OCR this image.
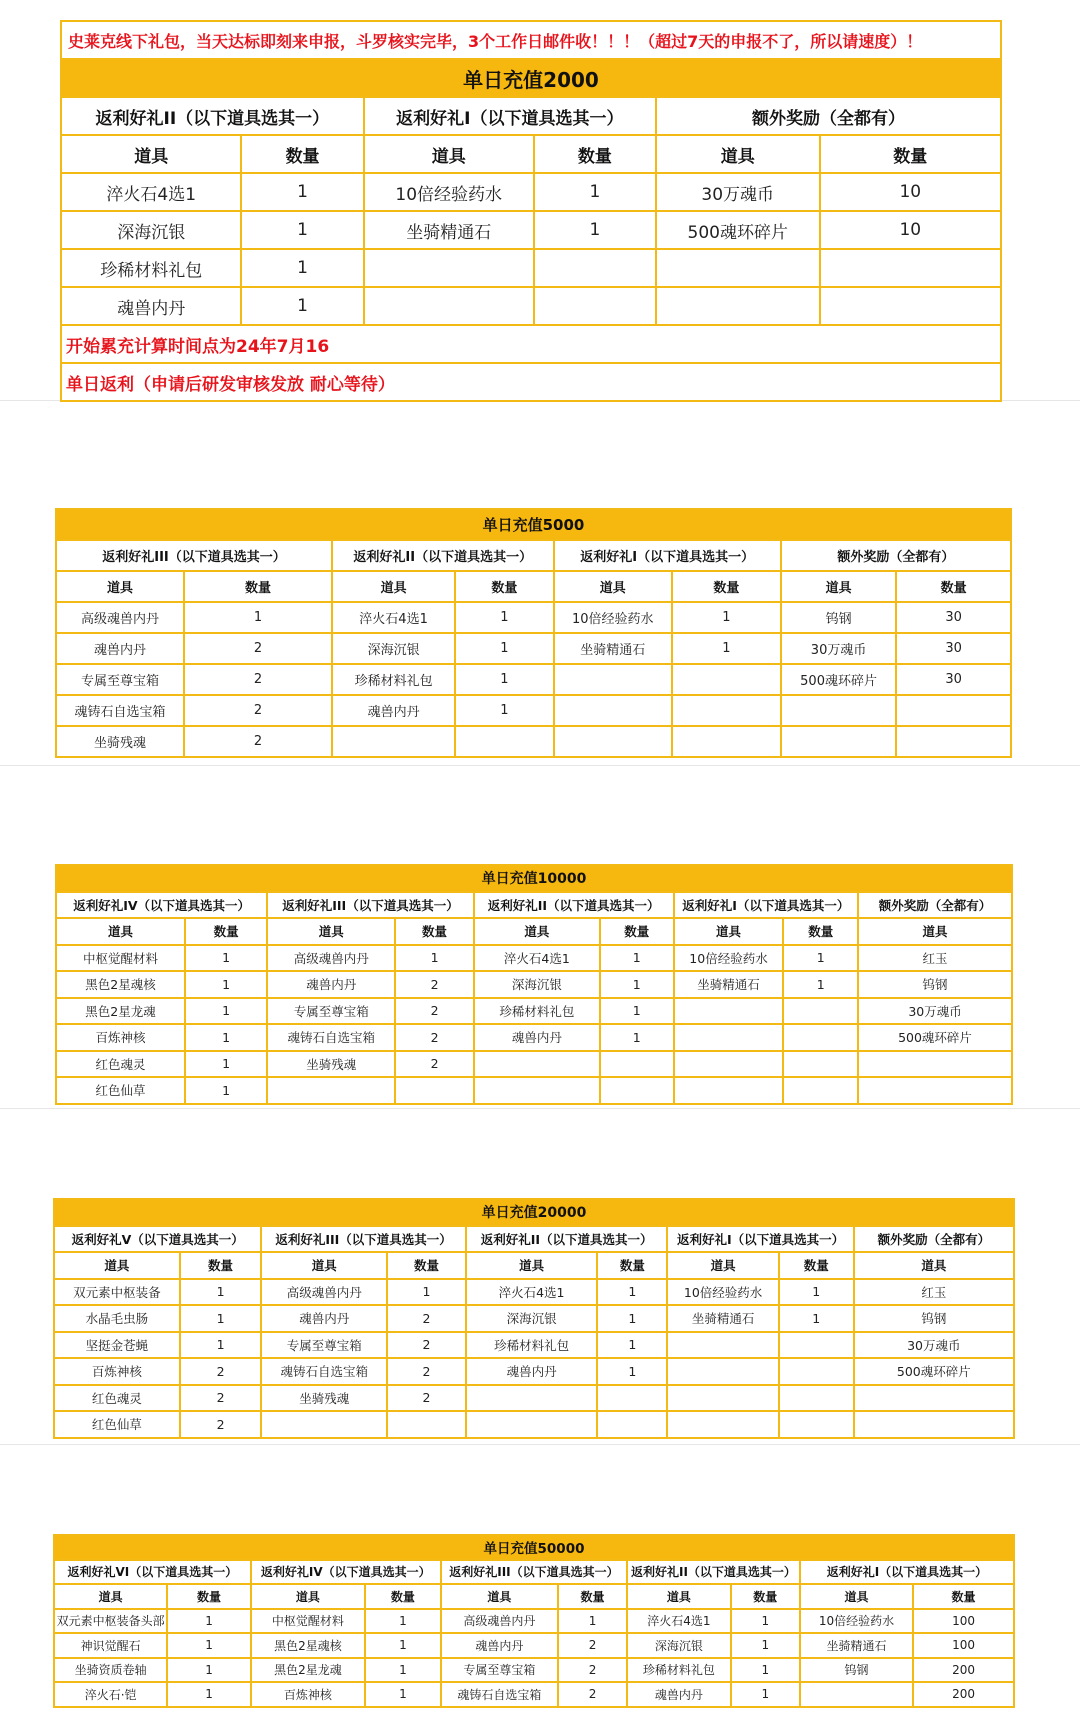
史莱克线下礼包，当天达标即刻来申报，斗罗核实完毕，3个工作日邮件收！！！（超过7天的申报不了，所以请速度）！					
单日充值2000					
返利好礼II（以下道具选其一）		返利好礼I（以下道具选其一）		额外奖励（全都有）	
道具	数量	道具	数量	道具	数量
淬火石4选1	1	10倍经验药水	1	30万魂币	10
深海沉银	1	坐骑精通石	1	500魂环碎片	10
珍稀材料礼包	1				
魂兽内丹	1				
开始累充计算时间点为24年7月16					
单日返利（申请后研发审核发放 耐心等待）					
单日充值5000							
返利好礼III（以下道具选其一）		返利好礼II（以下道具选其一）		返利好礼I（以下道具选其一）		额外奖励（全都有）	
道具	数量	道具	数量	道具	数量	道具	数量
高级魂兽内丹	1	淬火石4选1	1	10倍经验药水	1	钨钢	30
魂兽内丹	2	深海沉银	1	坐骑精通石	1	30万魂币	30
专属至尊宝箱	2	珍稀材料礼包	1			500魂环碎片	30
魂铸石自选宝箱	2	魂兽内丹	1				
坐骑残魂	2						
单日充值10000								
返利好礼IV（以下道具选其一）		返利好礼III（以下道具选其一）		返利好礼II（以下道具选其一）		返利好礼I（以下道具选其一）		额外奖励（全都有）
道具	数量	道具	数量	道具	数量	道具	数量	道具
中枢觉醒材料	1	高级魂兽内丹	1	淬火石4选1	1	10倍经验药水	1	红玉
黑色2星魂核	1	魂兽内丹	2	深海沉银	1	坐骑精通石	1	钨钢
黑色2星龙魂	1	专属至尊宝箱	2	珍稀材料礼包	1			30万魂币
百炼神核	1	魂铸石自选宝箱	2	魂兽内丹	1			500魂环碎片
红色魂灵	1	坐骑残魂	2					
红色仙草	1							
单日充值20000								
返利好礼V（以下道具选其一）		返利好礼III（以下道具选其一）		返利好礼II（以下道具选其一）		返利好礼I（以下道具选其一）		额外奖励（全都有）
道具	数量	道具	数量	道具	数量	道具	数量	道具
双元素中枢装备	1	高级魂兽内丹	1	淬火石4选1	1	10倍经验药水	1	红玉
水晶毛虫肠	1	魂兽内丹	2	深海沉银	1	坐骑精通石	1	钨钢
坚挺金苍蝇	1	专属至尊宝箱	2	珍稀材料礼包	1			30万魂币
百炼神核	2	魂铸石自选宝箱	2	魂兽内丹	1			500魂环碎片
红色魂灵	2	坐骑残魂	2					
红色仙草	2							
单日充值50000									
返利好礼VI（以下道具选其一）		返利好礼IV（以下道具选其一）		返利好礼III（以下道具选其一）		返利好礼II（以下道具选其一）		返利好礼I（以下道具选其一）	
道具	数量	道具	数量	道具	数量	道具	数量	道具	数量
双元素中枢装备头部	1	中枢觉醒材料	1	高级魂兽内丹	1	淬火石4选1	1	10倍经验药水	100
神识觉醒石	1	黑色2星魂核	1	魂兽内丹	2	深海沉银	1	坐骑精通石	100
坐骑资质卷轴	1	黑色2星龙魂	1	专属至尊宝箱	2	珍稀材料礼包	1	钨钢	200
淬火石·铠	1	百炼神核	1	魂铸石自选宝箱	2	魂兽内丹	1		200
